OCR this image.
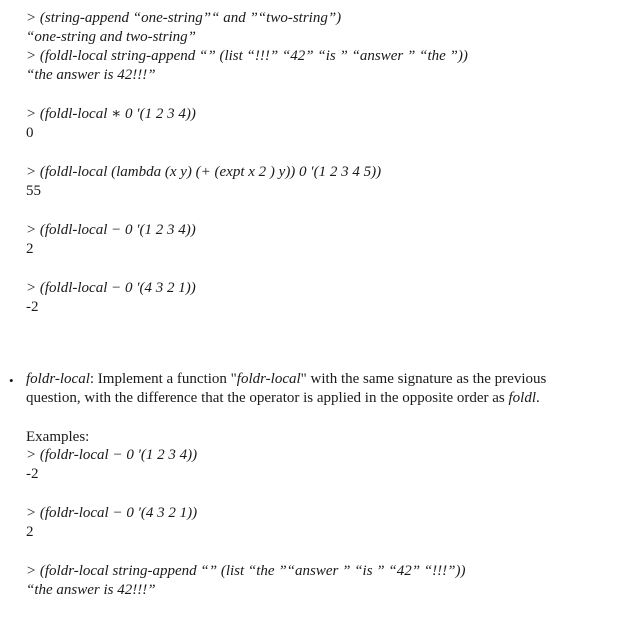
> (string-append “one-string”“ and ”“two-string”)
“one-string and two-string”
> (foldl-local string-append “” (list “!!!” “42” “is ” “answer ” “the ”))
“the answer is 42!!!”
> (foldl-local ∗ 0 ′(1 2 3 4))
0
> (foldl-local (lambda (x y) (+ (expt x 2 ) y)) 0 ′(1 2 3 4 5))
55
> (foldl-local − 0 ′(1 2 3 4))
2
> (foldl-local − 0 ′(4 3 2 1))
-2
• foldr-local: Implement a function "foldr-local" with the same signature as the previous
question, with the difference that the operator is applied in the opposite order as foldl.
Examples:
> (foldr-local − 0 ′(1 2 3 4))
-2
> (foldr-local − 0 ′(4 3 2 1))
2
> (foldr-local string-append “” (list “the ”“answer ” “is ” “42” “!!!”))
“the answer is 42!!!”
